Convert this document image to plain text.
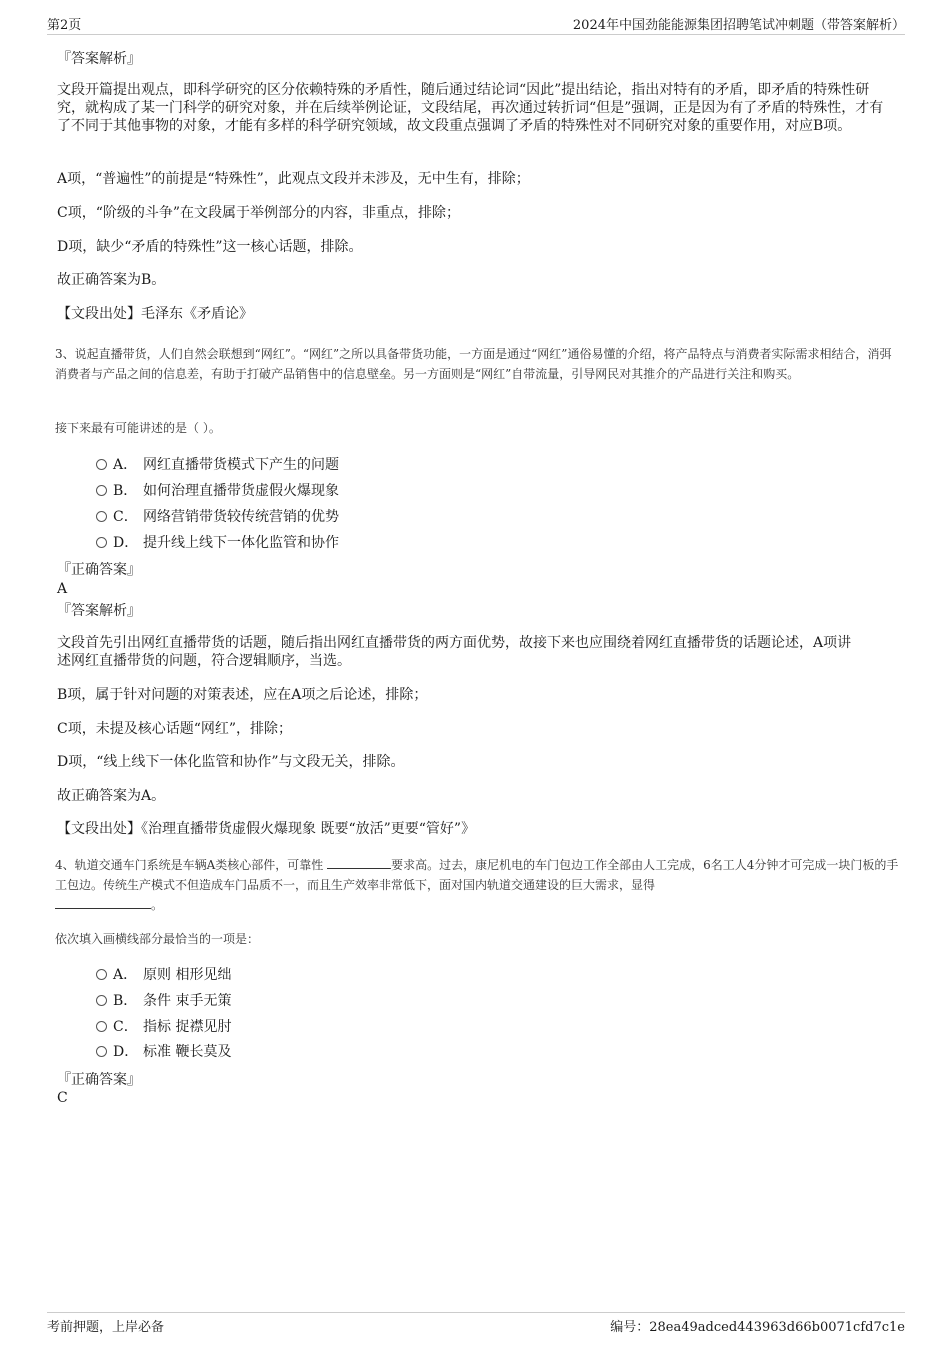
第2页	2024年中国劲能能源集团招聘笔试冲刺题（带答案解析）

『答案解析』

文段开篇提出观点，即科学研究的区分依赖特殊的矛盾性，随后通过结论词“因此”提出结论，指出对特有的矛盾，即矛盾的特殊性研究，就构成了某一门科学的研究对象，并在后续举例论证，文段结尾，再次通过转折词“但是”强调，正是因为有了矛盾的特殊性，才有了不同于其他事物的对象，才能有多样的科学研究领域，故文段重点强调了矛盾的特殊性对不同研究对象的重要作用，对应B项。

A项，“普遍性”的前提是“特殊性”，此观点文段并未涉及，无中生有，排除；

C项，“阶级的斗争”在文段属于举例部分的内容，非重点，排除；

D项，缺少“矛盾的特殊性”这一核心话题，排除。

故正确答案为B。

【文段出处】毛泽东《矛盾论》

3、说起直播带货，人们自然会联想到“网红”。“网红”之所以具备带货功能，一方面是通过“网红”通俗易懂的介绍，将产品特点与消费者实际需求相结合，消弭消费者与产品之间的信息差，有助于打破产品销售中的信息壁垒。另一方面则是“网红”自带流量，引导网民对其推介的产品进行关注和购买。

接下来最有可能讲述的是（ ）。

A． 网红直播带货模式下产生的问题
B． 如何治理直播带货虚假火爆现象
C． 网络营销带货较传统营销的优势
D． 提升线上线下一体化监管和协作

『正确答案』

A

『答案解析』

文段首先引出网红直播带货的话题，随后指出网红直播带货的两方面优势，故接下来也应围绕着网红直播带货的话题论述，A项讲述网红直播带货的问题，符合逻辑顺序，当选。

B项，属于针对问题的对策表述，应在A项之后论述，排除；

C项，未提及核心话题“网红”，排除；

D项，“线上线下一体化监管和协作”与文段无关，排除。

故正确答案为A。

【文段出处】《治理直播带货虚假火爆现象 既要“放活”更要“管好”》

4、轨道交通车门系统是车辆A类核心部件，可靠性	要求高。过去，康尼机电的车门包边工作全部由人工完成，6名工人4分钟才可完成一块门板的手工包边。传统生产模式不但造成车门品质不一，而且生产效率非常低下，面对国内轨道交通建设的巨大需求，显得
。

依次填入画横线部分最恰当的一项是：

A． 原则 相形见绌
B． 条件 束手无策
C． 指标 捉襟见肘
D． 标准 鞭长莫及

『正确答案』

C

考前押题，上岸必备	编号：28ea49adced443963d66b0071cfd7c1e
